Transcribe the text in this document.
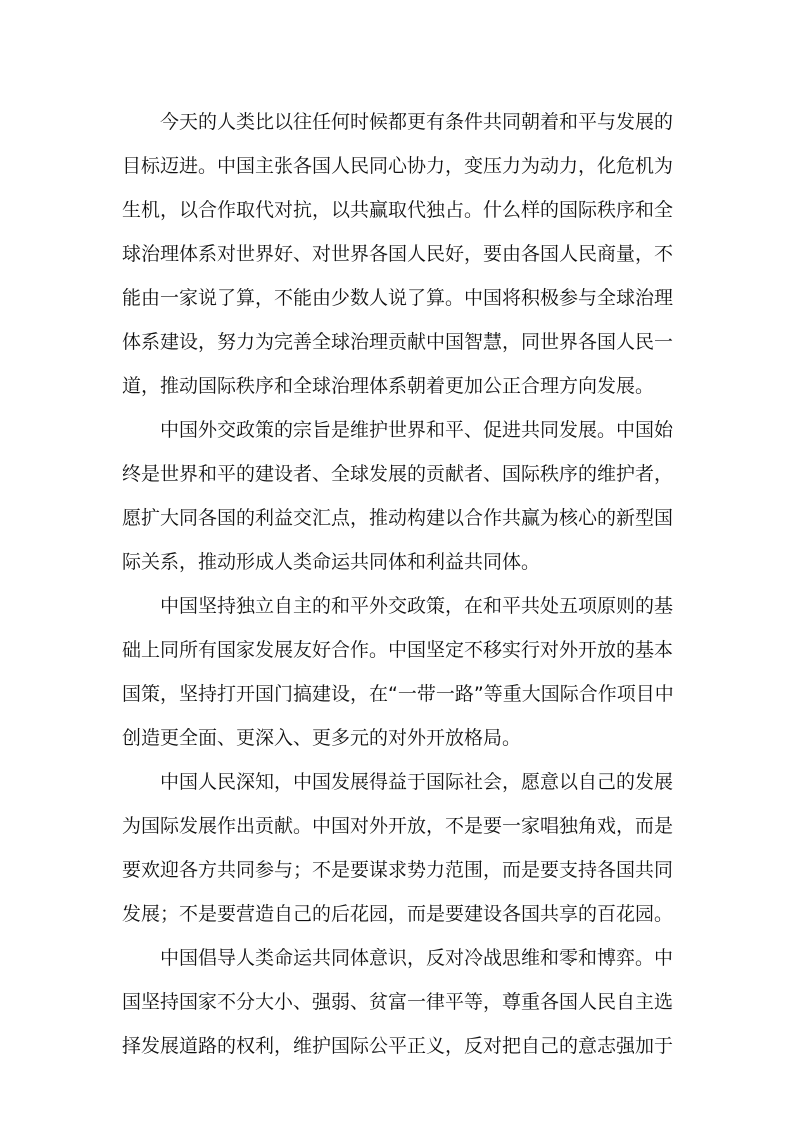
今天的人类比以往任何时候都更有条件共同朝着和平与发展的
目标迈进。中国主张各国人民同心协力，变压力为动力，化危机为
生机，以合作取代对抗，以共赢取代独占。什么样的国际秩序和全
球治理体系对世界好、对世界各国人民好，要由各国人民商量，不
能由一家说了算，不能由少数人说了算。中国将积极参与全球治理
体系建设，努力为完善全球治理贡献中国智慧，同世界各国人民一
道，推动国际秩序和全球治理体系朝着更加公正合理方向发展。
中国外交政策的宗旨是维护世界和平、促进共同发展。中国始
终是世界和平的建设者、全球发展的贡献者、国际秩序的维护者，
愿扩大同各国的利益交汇点，推动构建以合作共赢为核心的新型国
际关系，推动形成人类命运共同体和利益共同体。
中国坚持独立自主的和平外交政策，在和平共处五项原则的基
础上同所有国家发展友好合作。中国坚定不移实行对外开放的基本
国策，坚持打开国门搞建设，在“一带一路”等重大国际合作项目中
创造更全面、更深入、更多元的对外开放格局。
中国人民深知，中国发展得益于国际社会，愿意以自己的发展
为国际发展作出贡献。中国对外开放，不是要一家唱独角戏，而是
要欢迎各方共同参与；不是要谋求势力范围，而是要支持各国共同
发展；不是要营造自己的后花园，而是要建设各国共享的百花园。
中国倡导人类命运共同体意识，反对冷战思维和零和博弈。中
国坚持国家不分大小、强弱、贫富一律平等，尊重各国人民自主选
择发展道路的权利，维护国际公平正义，反对把自己的意志强加于
